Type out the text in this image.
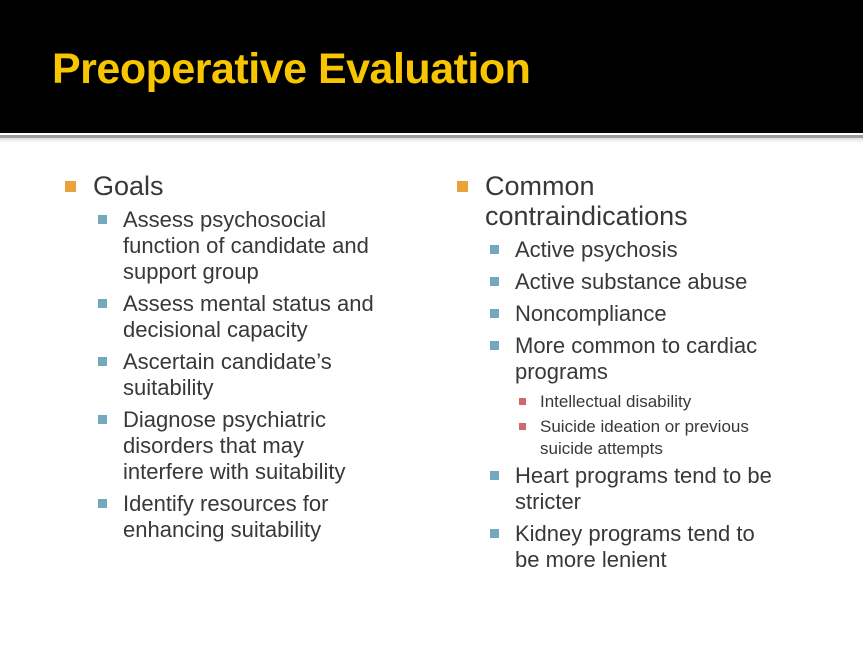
Preoperative Evaluation
Goals
Assess psychosocial
function of candidate and
support group
Assess mental status and
decisional capacity
Ascertain candidate’s
suitability
Diagnose psychiatric
disorders that may
interfere with suitability
Identify resources for
enhancing suitability
Common
contraindications
Active psychosis
Active substance abuse
Noncompliance
More common to cardiac
programs
Intellectual disability
Suicide ideation or previous
suicide attempts
Heart programs tend to be
stricter
Kidney programs tend to
be more lenient
